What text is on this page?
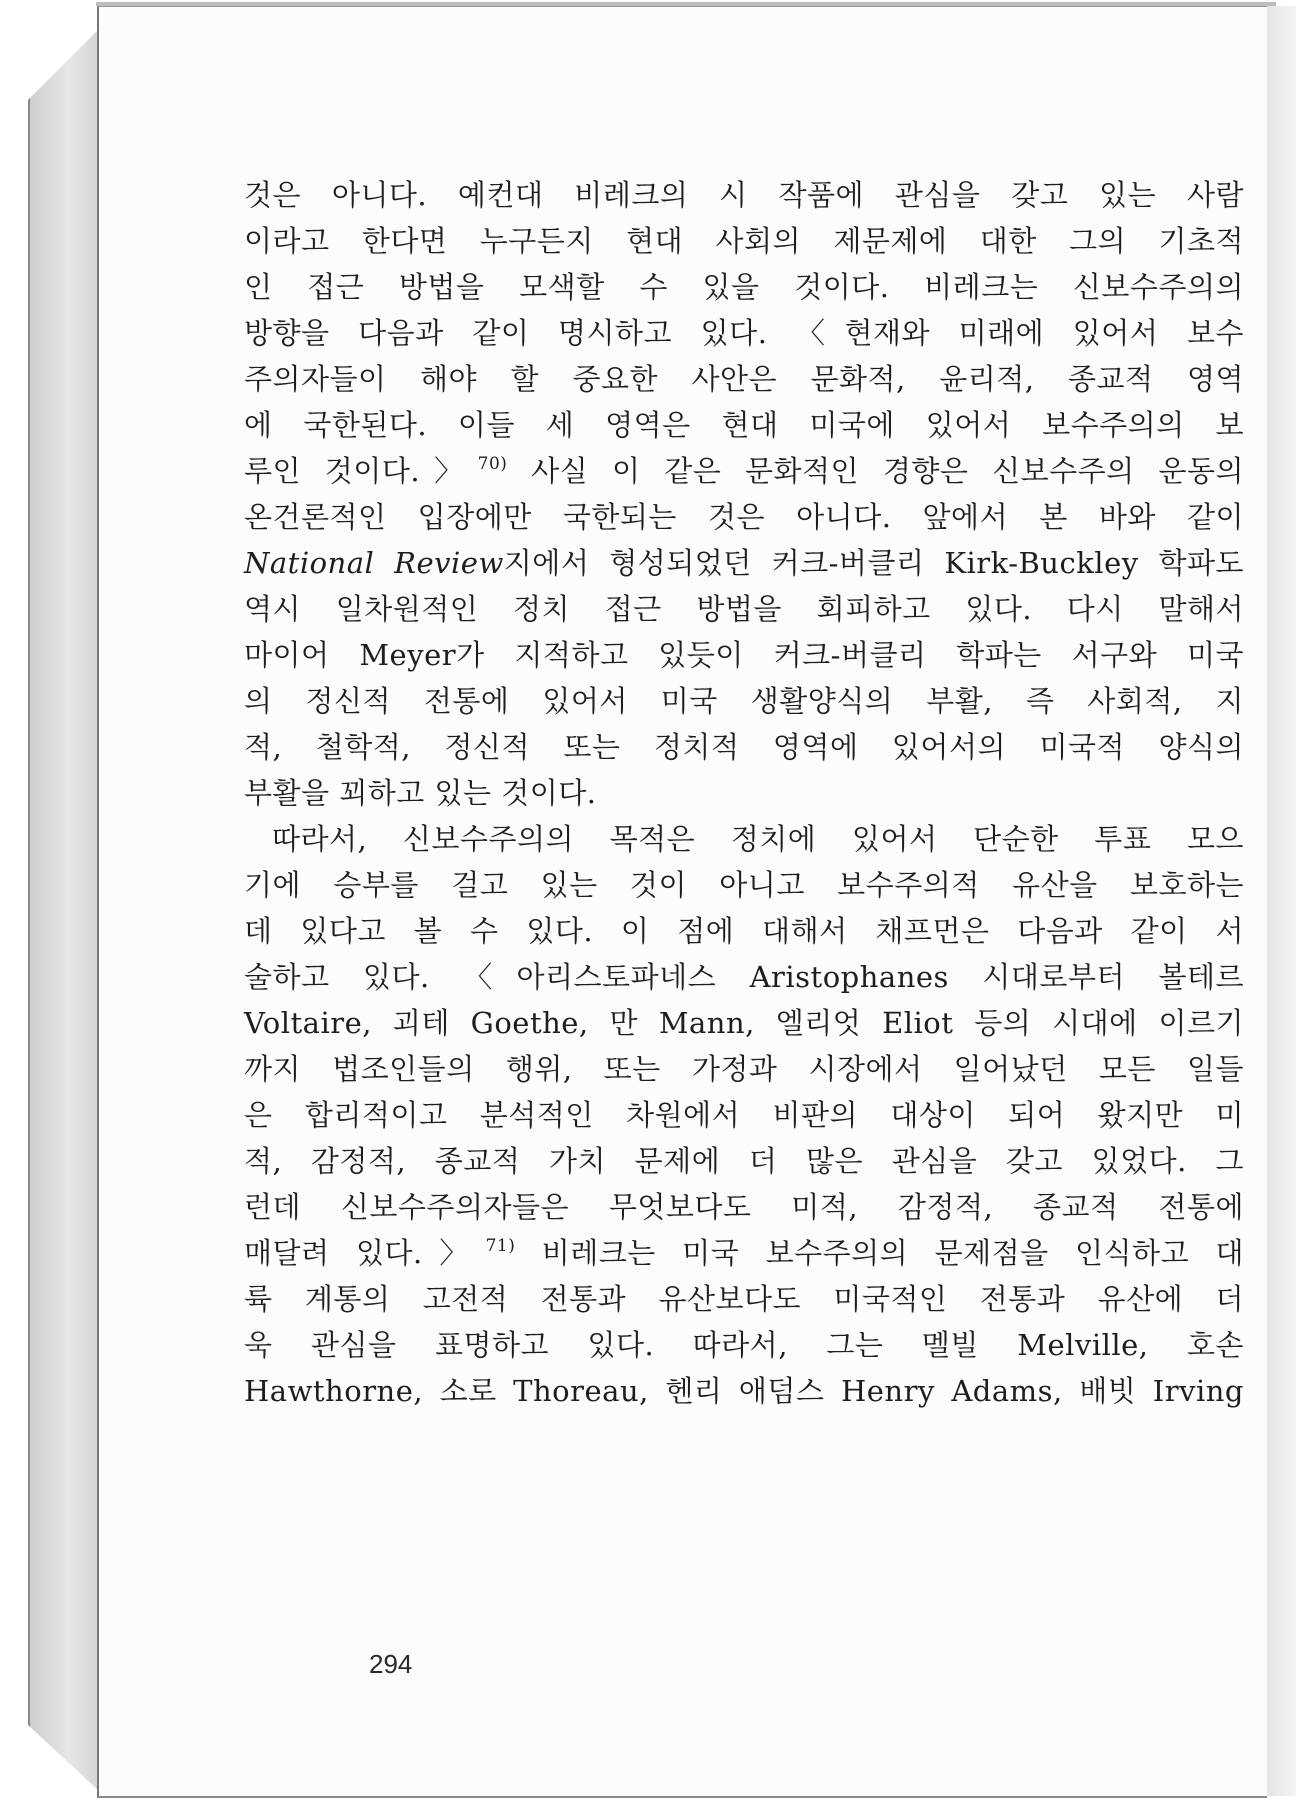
것은 아니다. 예컨대 비레크의 시 작품에 관심을 갖고 있는 사람
이라고 한다면 누구든지 현대 사회의 제문제에 대한 그의 기초적
인 접근 방법을 모색할 수 있을 것이다. 비레크는 신보수주의의
방향을 다음과 같이 명시하고 있다. 〈현재와 미래에 있어서 보수
주의자들이 해야 할 중요한 사안은 문화적, 윤리적, 종교적 영역
에 국한된다. 이들 세 영역은 현대 미국에 있어서 보수주의의 보
루인 것이다.〉$^{70)}$ 사실 이 같은 문화적인 경향은 신보수주의 운동의
온건론적인 입장에만 국한되는 것은 아니다. 앞에서 본 바와 같이
National Review지에서 형성되었던 커크-버클리 Kirk-Buckley 학파도
역시 일차원적인 정치 접근 방법을 회피하고 있다. 다시 말해서
마이어 Meyer가 지적하고 있듯이 커크-버클리 학파는 서구와 미국
의 정신적 전통에 있어서 미국 생활양식의 부활, 즉 사회적, 지
적, 철학적, 정신적 또는 정치적 영역에 있어서의 미국적 양식의
부활을 꾀하고 있는 것이다.
따라서, 신보수주의의 목적은 정치에 있어서 단순한 투표 모으
기에 승부를 걸고 있는 것이 아니고 보수주의적 유산을 보호하는
데 있다고 볼 수 있다. 이 점에 대해서 채프먼은 다음과 같이 서
술하고 있다. 〈아리스토파네스 Aristophanes 시대로부터 볼테르
Voltaire, 괴테 Goethe, 만 Mann, 엘리엇 Eliot 등의 시대에 이르기
까지 법조인들의 행위, 또는 가정과 시장에서 일어났던 모든 일들
은 합리적이고 분석적인 차원에서 비판의 대상이 되어 왔지만 미
적, 감정적, 종교적 가치 문제에 더 많은 관심을 갖고 있었다. 그
런데 신보수주의자들은 무엇보다도 미적, 감정적, 종교적 전통에
매달려 있다.〉$^{71)}$ 비레크는 미국 보수주의의 문제점을 인식하고 대
륙 계통의 고전적 전통과 유산보다도 미국적인 전통과 유산에 더
욱 관심을 표명하고 있다. 따라서, 그는 멜빌 Melville, 호손
Hawthorne, 소로 Thoreau, 헨리 애덤스 Henry Adams, 배빗 Irving
294
